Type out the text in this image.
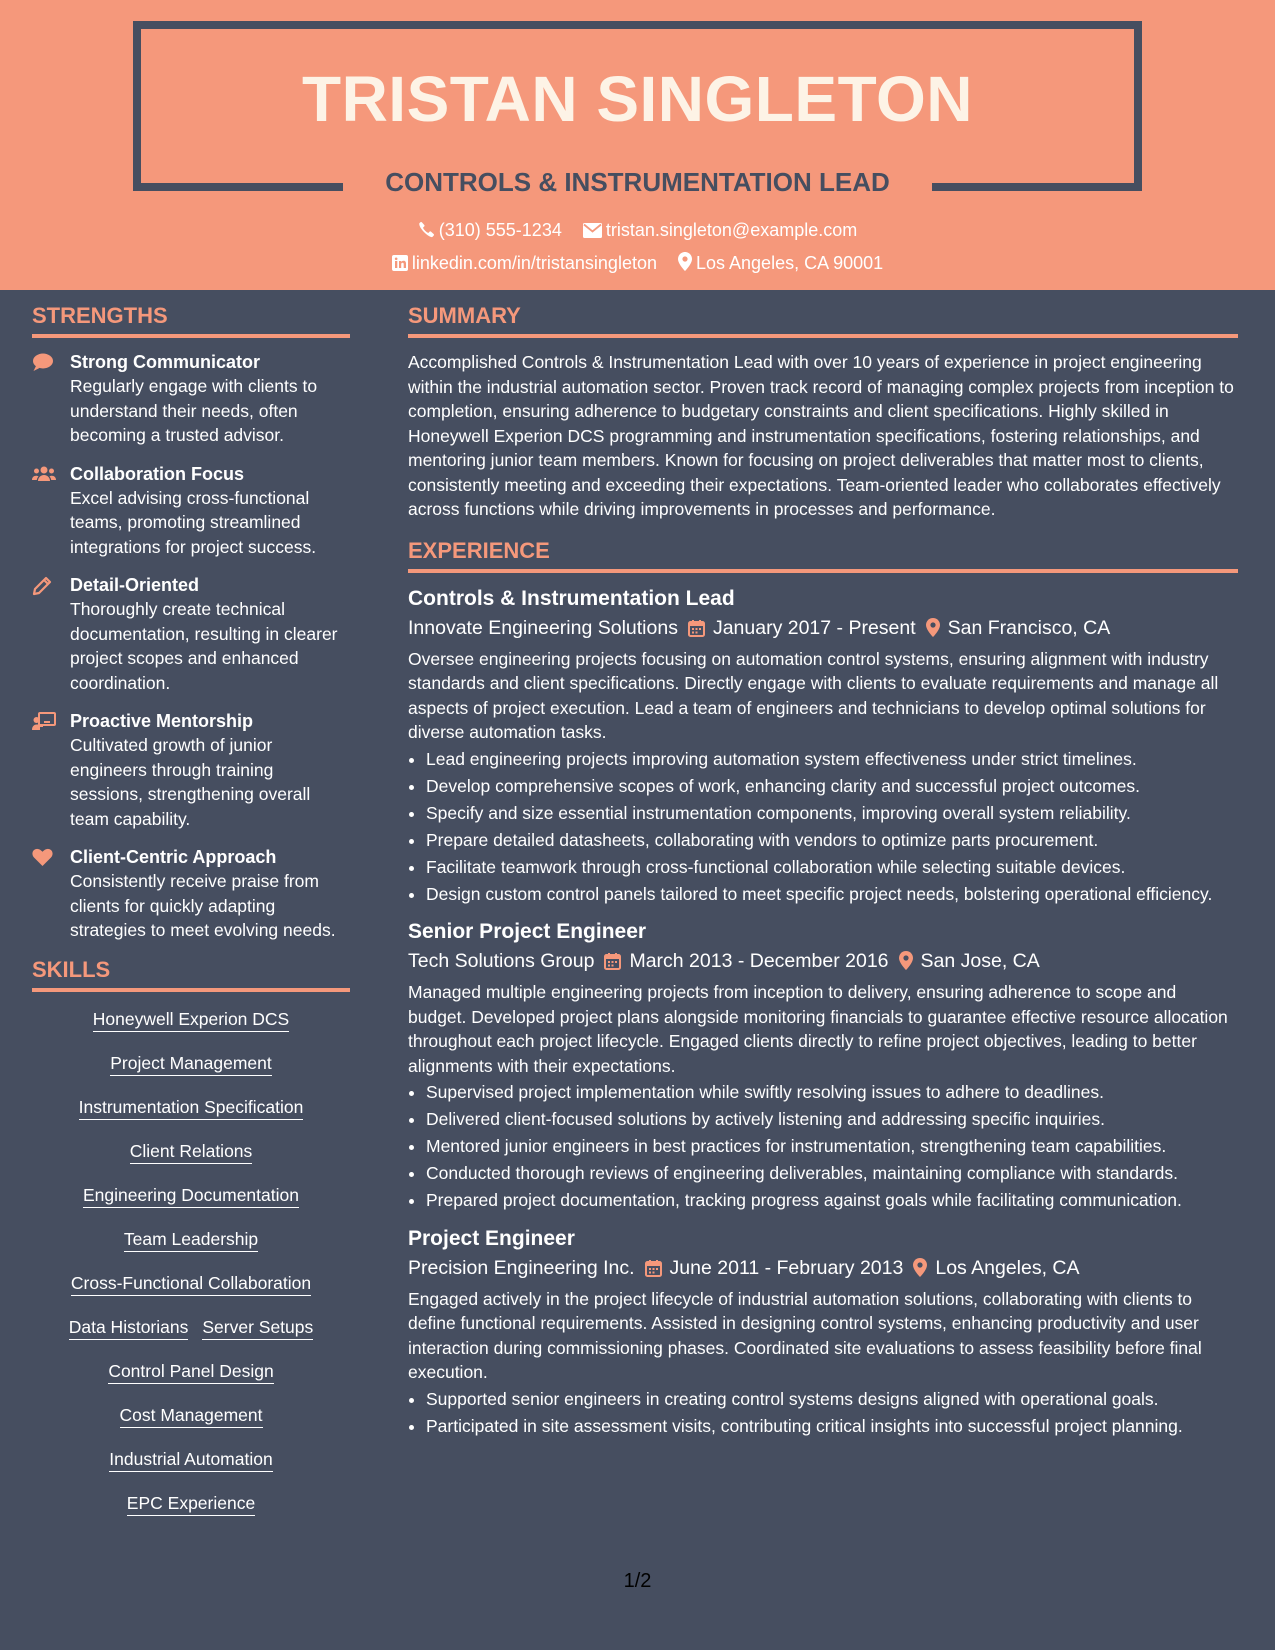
TRISTAN SINGLETON
CONTROLS & INSTRUMENTATION LEAD
(310) 555-1234 tristan.singleton@example.com
linkedin.com/in/tristansingleton Los Angeles, CA 90001
STRENGTHS
Strong Communicator
Regularly engage with clients to understand their needs, often becoming a trusted advisor.
Collaboration Focus
Excel advising cross-functional teams, promoting streamlined integrations for project success.
Detail-Oriented
Thoroughly create technical documentation, resulting in clearer project scopes and enhanced coordination.
Proactive Mentorship
Cultivated growth of junior engineers through training sessions, strengthening overall team capability.
Client-Centric Approach
Consistently receive praise from clients for quickly adapting strategies to meet evolving needs.
SKILLS
Honeywell Experion DCS
Project Management
Instrumentation Specification
Client Relations
Engineering Documentation
Team Leadership
Cross-Functional Collaboration
Data Historians Server Setups
Control Panel Design
Cost Management
Industrial Automation
EPC Experience
SUMMARY
Accomplished Controls & Instrumentation Lead with over 10 years of experience in project engineering within the industrial automation sector. Proven track record of managing complex projects from inception to completion, ensuring adherence to budgetary constraints and client specifications. Highly skilled in Honeywell Experion DCS programming and instrumentation specifications, fostering relationships, and mentoring junior team members. Known for focusing on project deliverables that matter most to clients, consistently meeting and exceeding their expectations. Team-oriented leader who collaborates effectively across functions while driving improvements in processes and performance.
EXPERIENCE
Controls & Instrumentation Lead
Innovate Engineering Solutions January 2017 - Present San Francisco, CA
Oversee engineering projects focusing on automation control systems, ensuring alignment with industry standards and client specifications. Directly engage with clients to evaluate requirements and manage all aspects of project execution. Lead a team of engineers and technicians to develop optimal solutions for diverse automation tasks.
• Lead engineering projects improving automation system effectiveness under strict timelines.
• Develop comprehensive scopes of work, enhancing clarity and successful project outcomes.
• Specify and size essential instrumentation components, improving overall system reliability.
• Prepare detailed datasheets, collaborating with vendors to optimize parts procurement.
• Facilitate teamwork through cross-functional collaboration while selecting suitable devices.
• Design custom control panels tailored to meet specific project needs, bolstering operational efficiency.
Senior Project Engineer
Tech Solutions Group March 2013 - December 2016 San Jose, CA
Managed multiple engineering projects from inception to delivery, ensuring adherence to scope and budget. Developed project plans alongside monitoring financials to guarantee effective resource allocation throughout each project lifecycle. Engaged clients directly to refine project objectives, leading to better alignments with their expectations.
• Supervised project implementation while swiftly resolving issues to adhere to deadlines.
• Delivered client-focused solutions by actively listening and addressing specific inquiries.
• Mentored junior engineers in best practices for instrumentation, strengthening team capabilities.
• Conducted thorough reviews of engineering deliverables, maintaining compliance with standards.
• Prepared project documentation, tracking progress against goals while facilitating communication.
Project Engineer
Precision Engineering Inc. June 2011 - February 2013 Los Angeles, CA
Engaged actively in the project lifecycle of industrial automation solutions, collaborating with clients to define functional requirements. Assisted in designing control systems, enhancing productivity and user interaction during commissioning phases. Coordinated site evaluations to assess feasibility before final execution.
• Supported senior engineers in creating control systems designs aligned with operational goals.
• Participated in site assessment visits, contributing critical insights into successful project planning.
1/2
